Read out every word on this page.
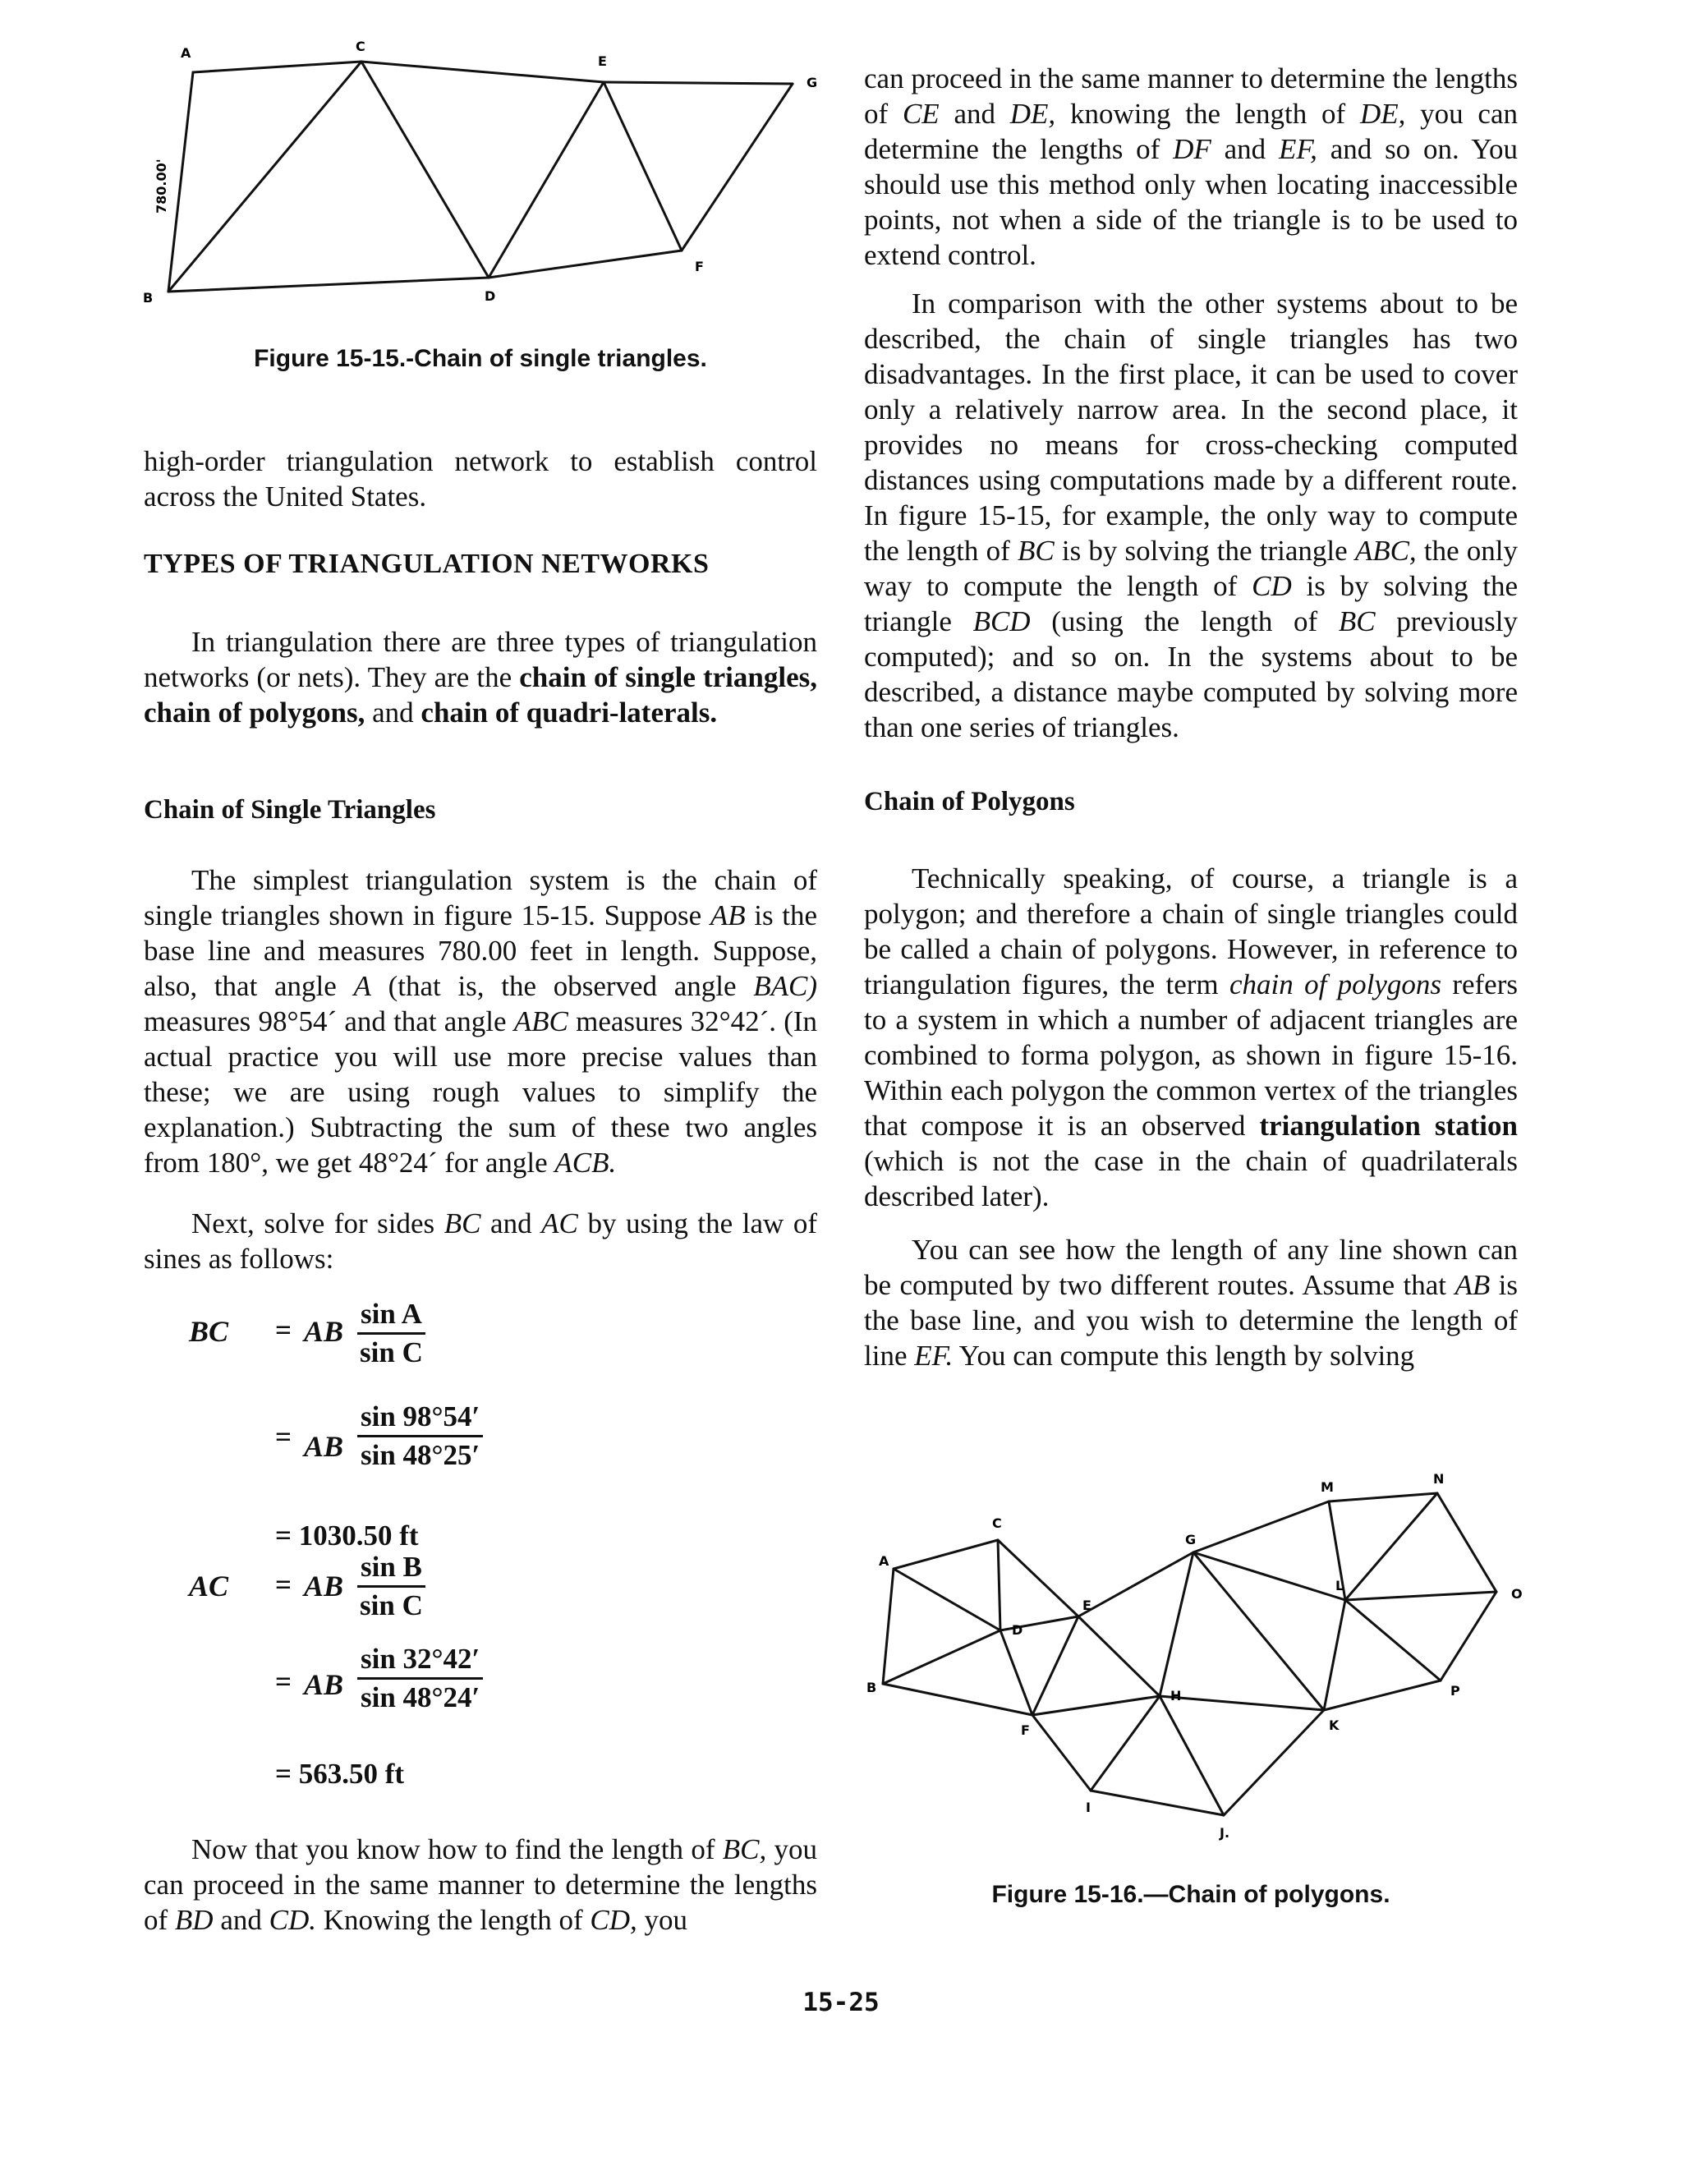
A
B
C
D
E
F
G
780.00'
Figure 15-15.-Chain of single triangles.

high-order triangulation network to establish control across the United States.

TYPES OF TRIANGULATION NETWORKS

In triangulation there are three types of triangulation networks (or nets). They are the chain of single triangles, chain of polygons, and chain of quadri-laterals.

Chain of Single Triangles

The simplest triangulation system is the chain of single triangles shown in figure 15-15. Suppose AB is the base line and measures 780.00 feet in length. Suppose, also, that angle A (that is, the observed angle BAC) measures 98°54´ and that angle ABC measures 32°42´. (In actual practice you will use more precise values than these; we are using rough values to simplify the explanation.) Subtracting the sum of these two angles from 180°, we get 48°24´ for angle ACB.

Next, solve for sides BC and AC by using the law of sines as follows:

Now that you know how to find the length of BC, you can proceed in the same manner to determine the lengths of BD and CD. Knowing the length of CD, you

BC = AB $\frac{\text{sin A}}{\text{sin C}}$
= AB $\frac{\sin 98^\circ 54'}{\sin 48^\circ 25'}$
= 1030.50 ft
AC = AB $\frac{\text{sin B}}{\text{sin C}}$
= AB $\frac{\sin 32^\circ 42'}{\sin 48^\circ 24'}$
= 563.50 ft

can proceed in the same manner to determine the lengths of CE and DE, knowing the length of DE, you can determine the lengths of DF and EF, and so on. You should use this method only when locating inaccessible points, not when a side of the triangle is to be used to extend control.

In comparison with the other systems about to be described, the chain of single triangles has two disadvantages. In the first place, it can be used to cover only a relatively narrow area. In the second place, it provides no means for cross-checking computed distances using computations made by a different route. In figure 15-15, for example, the only way to compute the length of BC is by solving the triangle ABC, the only way to compute the length of CD is by solving the triangle BCD (using the length of BC previously computed); and so on. In the systems about to be described, a distance maybe computed by solving more than one series of triangles.

Chain of Polygons

Technically speaking, of course, a triangle is a polygon; and therefore a chain of single triangles could be called a chain of polygons. However, in reference to triangulation figures, the term chain of polygons refers to a system in which a number of adjacent triangles are combined to forma polygon, as shown in figure 15-16. Within each polygon the common vertex of the triangles that compose it is an observed triangulation station (which is not the case in the chain of quadrilaterals described later).

You can see how the length of any line shown can be computed by two different routes. Assume that AB is the base line, and you wish to determine the length of line EF. You can compute this length by solving

A
B
C
D
E
F
G
H
I
J.
K
L
M
N
O
P
Figure 15-16.—Chain of polygons.
15-25
